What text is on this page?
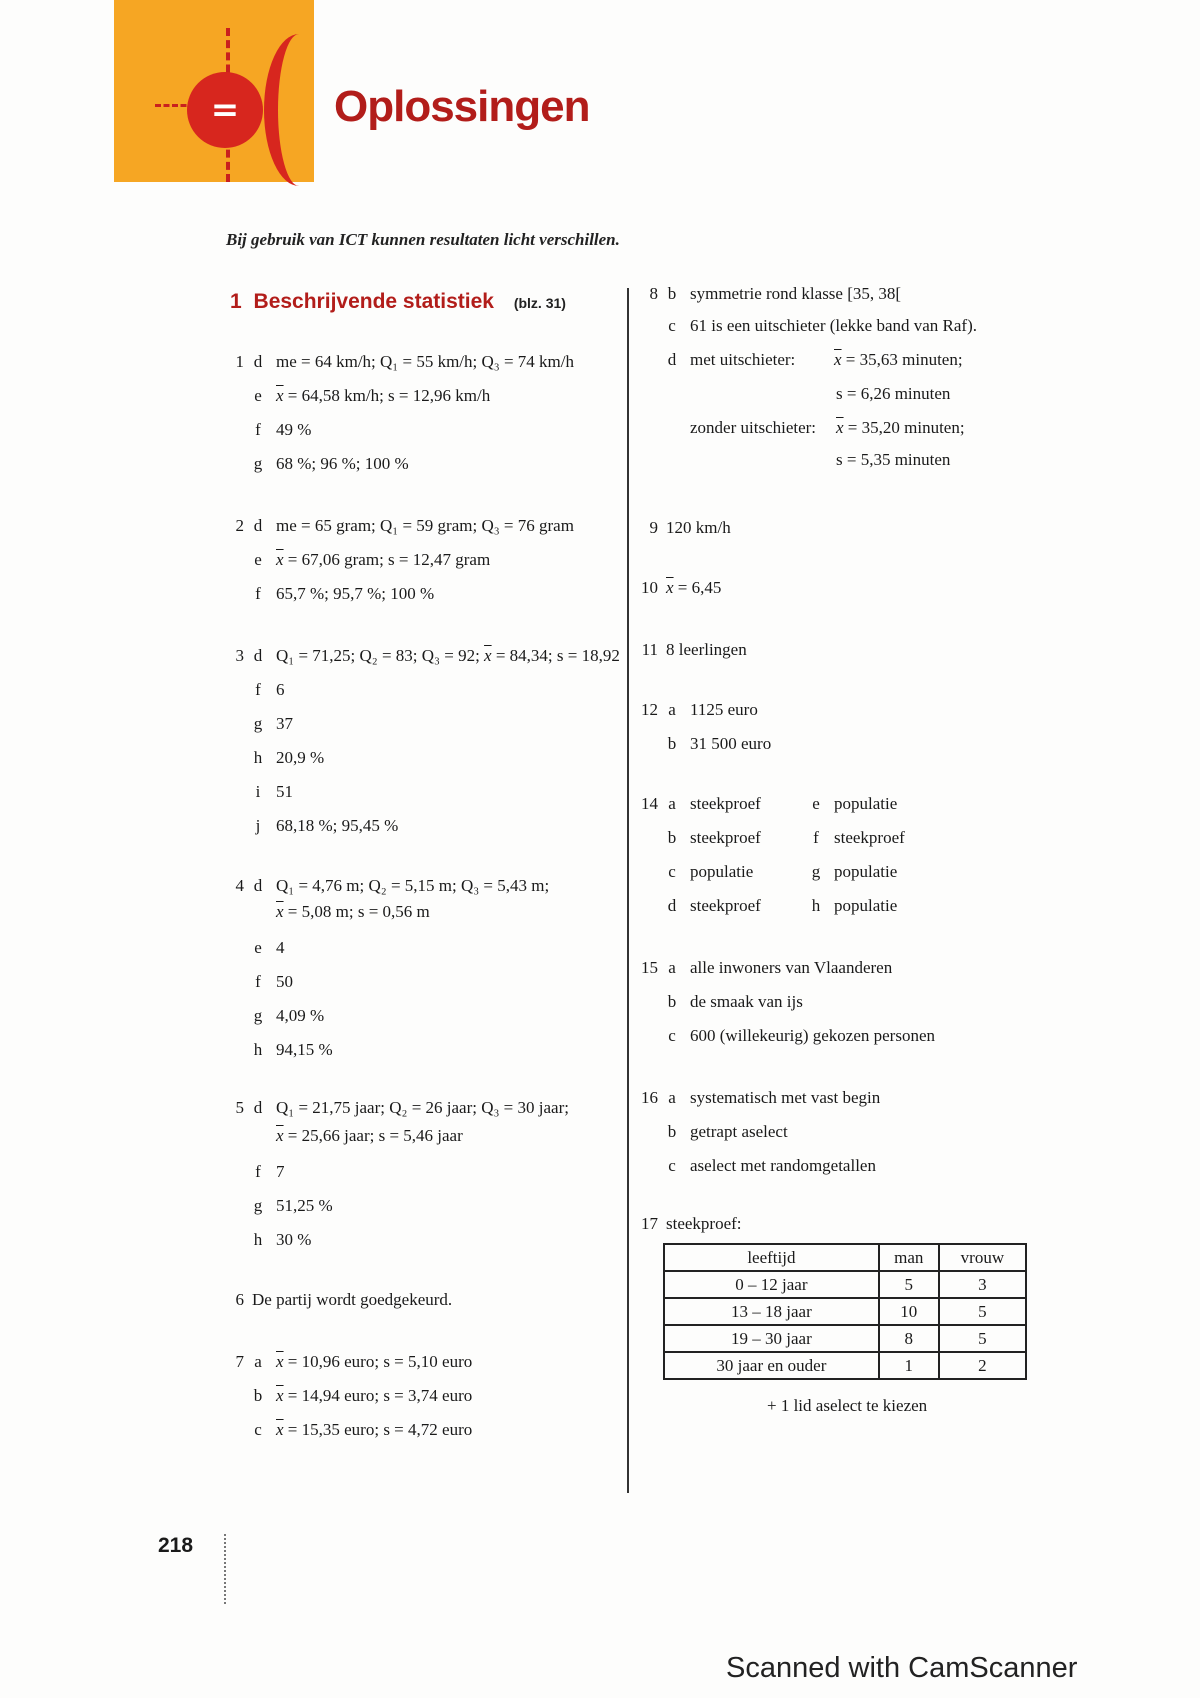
=	Oplossingen
Bij gebruik van ICT kunnen resultaten licht verschillen.
1 Beschrijvende statistiek (blz. 31)
1 d me = 64 km/h; Q₁ = 55 km/h; Q₃ = 74 km/h
e $\overline{x} = 64,58$ km/h; s = 12,96 km/h
f 49 %
g 68 %; 96 %; 100 %
2 d me = 65 gram; Q₁ = 59 gram; Q₃ = 76 gram
e $\overline{x} = 67,06$ gram; s = 12,47 gram
f 65,7 %; 95,7 %; 100 %
3 d Q₁ = 71,25; Q₂ = 83; Q₃ = 92; $\overline{x} = 84,34$; s = 18,92
f 6
g 37
h 20,9 %
i 51
j 68,18 %; 95,45 %
4 d Q₁ = 4,76 m; Q₂ = 5,15 m; Q₃ = 5,43 m;
$\overline{x} = 5,08$ m; s = 0,56 m
e 4
f 50
g 4,09 %
h 94,15 %
5 d Q₁ = 21,75 jaar; Q₂ = 26 jaar; Q₃ = 30 jaar;
$\overline{x} = 25,66$ jaar; s = 5,46 jaar
f 7
g 51,25 %
h 30 %
6 De partij wordt goedgekeurd.
7 a $\overline{x} = 10,96$ euro; s = 5,10 euro
b $\overline{x} = 14,94$ euro; s = 3,74 euro
c $\overline{x} = 15,35$ euro; s = 4,72 euro
8 b symmetrie rond klasse [35, 38[
c 61 is een uitschieter (lekke band van Raf).
d met uitschieter: $\overline{x} = 35,63$ minuten;
s = 6,26 minuten
zonder uitschieter: $\overline{x} = 35,20$ minuten;
s = 5,35 minuten
9 120 km/h
10 $\overline{x} = 6,45$
11 8 leerlingen
12 a 1125 euro
b 31 500 euro
14 a steekproef	e populatie
b steekproef	f steekproef
c populatie	g populatie
d steekproef	h populatie
15 a alle inwoners van Vlaanderen
b de smaak van ijs
c 600 (willekeurig) gekozen personen
16 a systematisch met vast begin
b getrapt aselect
c aselect met randomgetallen
17 steekproef:
leeftijd	man	vrouw
0 – 12 jaar	5	3
13 – 18 jaar	10	5
19 – 30 jaar	8	5
30 jaar en ouder	1	2
+ 1 lid aselect te kiezen
218
Scanned with CamScanner
